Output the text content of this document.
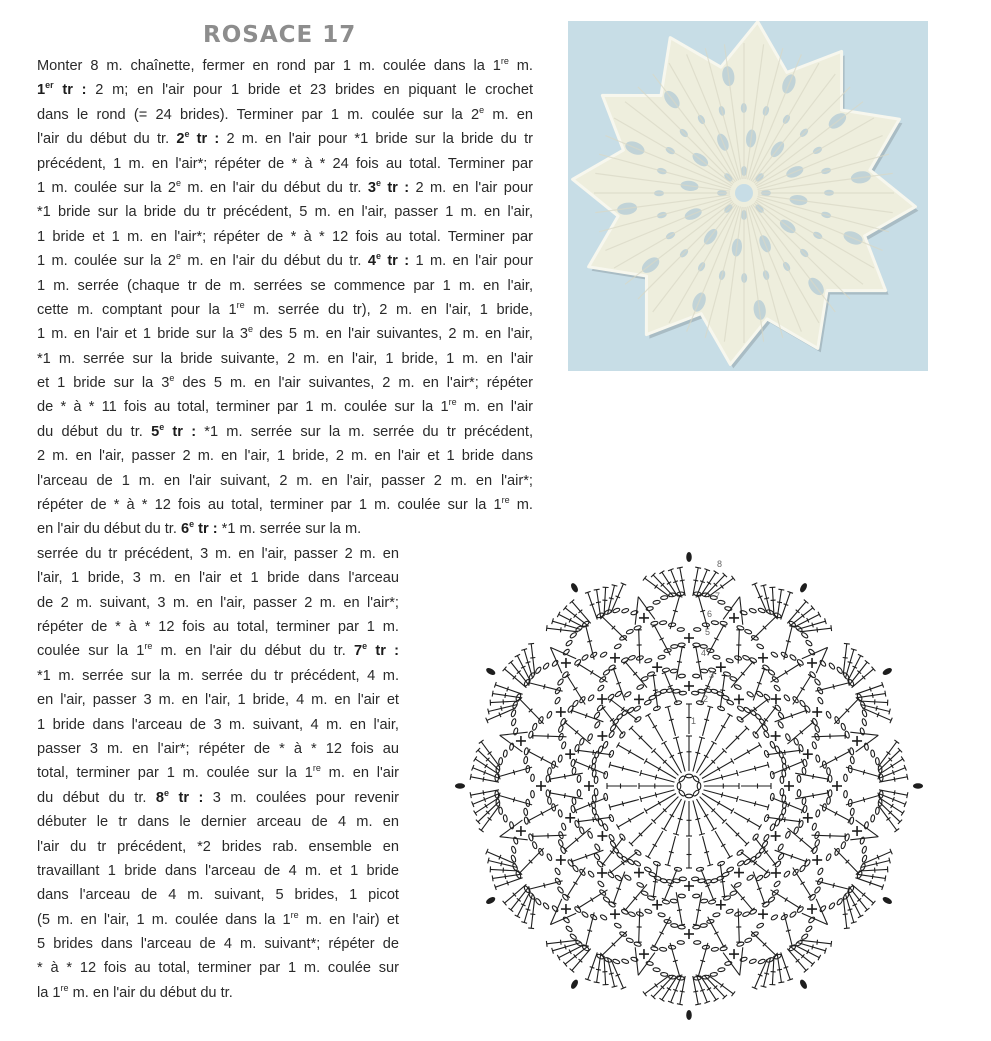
ROSACE 17
Monter 8 m. chaînette, fermer en rond par 1 m. coulée dans la 1re m.
1er tr : 2 m; en l'air pour 1 bride et 23 brides en piquant le crochet
dans le rond (= 24 brides). Terminer par 1 m. coulée sur la 2e m. en
l'air du début du tr. 2e tr : 2 m. en l'air pour *1 bride sur la bride du tr
précédent, 1 m. en l'air*; répéter de * à * 24 fois au total. Terminer par
1 m. coulée sur la 2e m. en l'air du début du tr. 3e tr : 2 m. en l'air pour
*1 bride sur la bride du tr précédent, 5 m. en l'air, passer 1 m. en l'air,
1 bride et 1 m. en l'air*; répéter de * à * 12 fois au total. Terminer par
1 m. coulée sur la 2e m. en l'air du début du tr. 4e tr : 1 m. en l'air pour
1 m. serrée (chaque tr de m. serrées se commence par 1 m. en l'air,
cette m. comptant pour la 1re m. serrée du tr), 2 m. en l'air, 1 bride,
1 m. en l'air et 1 bride sur la 3e des 5 m. en l'air suivantes, 2 m. en l'air,
*1 m. serrée sur la bride suivante, 2 m. en l'air, 1 bride, 1 m. en l'air
et 1 bride sur la 3e des 5 m. en l'air suivantes, 2 m. en l'air*; répéter
de * à * 11 fois au total, terminer par 1 m. coulée sur la 1re m. en l'air
du début du tr. 5e tr : *1 m. serrée sur la m. serrée du tr précédent,
2 m. en l'air, passer 2 m. en l'air, 1 bride, 2 m. en l'air et 1 bride dans
l'arceau de 1 m. en l'air suivant, 2 m. en l'air, passer 2 m. en l'air*;
répéter de * à * 12 fois au total, terminer par 1 m. coulée sur la 1re m.
en l'air du début du tr. 6e tr : *1 m. serrée sur la m.
serrée du tr précédent, 3 m. en l'air, passer 2 m. en
l'air, 1 bride, 3 m. en l'air et 1 bride dans l'arceau
de 2 m. suivant, 3 m. en l'air, passer 2 m. en l'air*;
répéter de * à * 12 fois au total, terminer par 1 m.
coulée sur la 1re m. en l'air du début du tr. 7e tr :
*1 m. serrée sur la m. serrée du tr précédent, 4 m.
en l'air, passer 3 m. en l'air, 1 bride, 4 m. en l'air et
1 bride dans l'arceau de 3 m. suivant, 4 m. en l'air,
passer 3 m. en l'air*; répéter de * à * 12 fois au
total, terminer par 1 m. coulée sur la 1re m. en l'air
du début du tr. 8e tr : 3 m. coulées pour revenir
débuter le tr dans le dernier arceau de 4 m. en
l'air du tr précédent, *2 brides rab. ensemble en
travaillant 1 bride dans l'arceau de 4 m. et 1 bride
dans l'arceau de 4 m. suivant, 5 brides, 1 picot
(5 m. en l'air, 1 m. coulée dans la 1re m. en l'air) et
5 brides dans l'arceau de 4 m. suivant*; répéter de
* à * 12 fois au total, terminer par 1 m. coulée sur
la 1re m. en l'air du début du tr.
1
2
3
4
5
6
7
8
